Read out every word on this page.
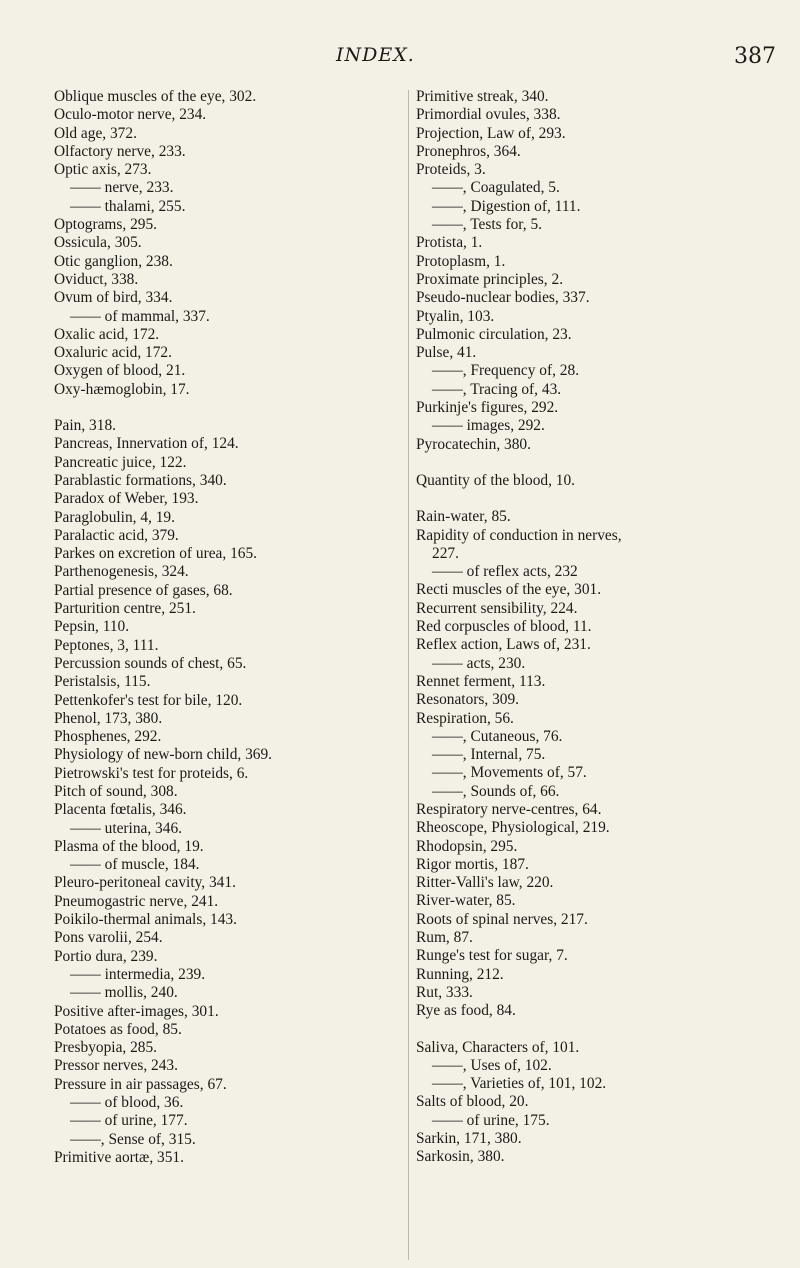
INDEX.	387
Oblique muscles of the eye, 302.
Oculo-motor nerve, 234.
Old age, 372.
Olfactory nerve, 233.
Optic axis, 273.
—— nerve, 233.
—— thalami, 255.
Optograms, 295.
Ossicula, 305.
Otic ganglion, 238.
Oviduct, 338.
Ovum of bird, 334.
—— of mammal, 337.
Oxalic acid, 172.
Oxaluric acid, 172.
Oxygen of blood, 21.
Oxy-hæmoglobin, 17.
Pain, 318.
Pancreas, Innervation of, 124.
Pancreatic juice, 122.
Parablastic formations, 340.
Paradox of Weber, 193.
Paraglobulin, 4, 19.
Paralactic acid, 379.
Parkes on excretion of urea, 165.
Parthenogenesis, 324.
Partial presence of gases, 68.
Parturition centre, 251.
Pepsin, 110.
Peptones, 3, 111.
Percussion sounds of chest, 65.
Peristalsis, 115.
Pettenkofer's test for bile, 120.
Phenol, 173, 380.
Phosphenes, 292.
Physiology of new-born child, 369.
Pietrowski's test for proteids, 6.
Pitch of sound, 308.
Placenta fœtalis, 346.
—— uterina, 346.
Plasma of the blood, 19.
—— of muscle, 184.
Pleuro-peritoneal cavity, 341.
Pneumogastric nerve, 241.
Poikilo-thermal animals, 143.
Pons varolii, 254.
Portio dura, 239.
—— intermedia, 239.
—— mollis, 240.
Positive after-images, 301.
Potatoes as food, 85.
Presbyopia, 285.
Pressor nerves, 243.
Pressure in air passages, 67.
—— of blood, 36.
—— of urine, 177.
——, Sense of, 315.
Primitive aortæ, 351.
Primitive streak, 340.
Primordial ovules, 338.
Projection, Law of, 293.
Pronephros, 364.
Proteids, 3.
——, Coagulated, 5.
——, Digestion of, 111.
——, Tests for, 5.
Protista, 1.
Protoplasm, 1.
Proximate principles, 2.
Pseudo-nuclear bodies, 337.
Ptyalin, 103.
Pulmonic circulation, 23.
Pulse, 41.
——, Frequency of, 28.
——, Tracing of, 43.
Purkinje's figures, 292.
—— images, 292.
Pyrocatechin, 380.
Quantity of the blood, 10.
Rain-water, 85.
Rapidity of conduction in nerves,
227.
—— of reflex acts, 232
Recti muscles of the eye, 301.
Recurrent sensibility, 224.
Red corpuscles of blood, 11.
Reflex action, Laws of, 231.
—— acts, 230.
Rennet ferment, 113.
Resonators, 309.
Respiration, 56.
——, Cutaneous, 76.
——, Internal, 75.
——, Movements of, 57.
——, Sounds of, 66.
Respiratory nerve-centres, 64.
Rheoscope, Physiological, 219.
Rhodopsin, 295.
Rigor mortis, 187.
Ritter-Valli's law, 220.
River-water, 85.
Roots of spinal nerves, 217.
Rum, 87.
Runge's test for sugar, 7.
Running, 212.
Rut, 333.
Rye as food, 84.
Saliva, Characters of, 101.
——, Uses of, 102.
——, Varieties of, 101, 102.
Salts of blood, 20.
—— of urine, 175.
Sarkin, 171, 380.
Sarkosin, 380.
